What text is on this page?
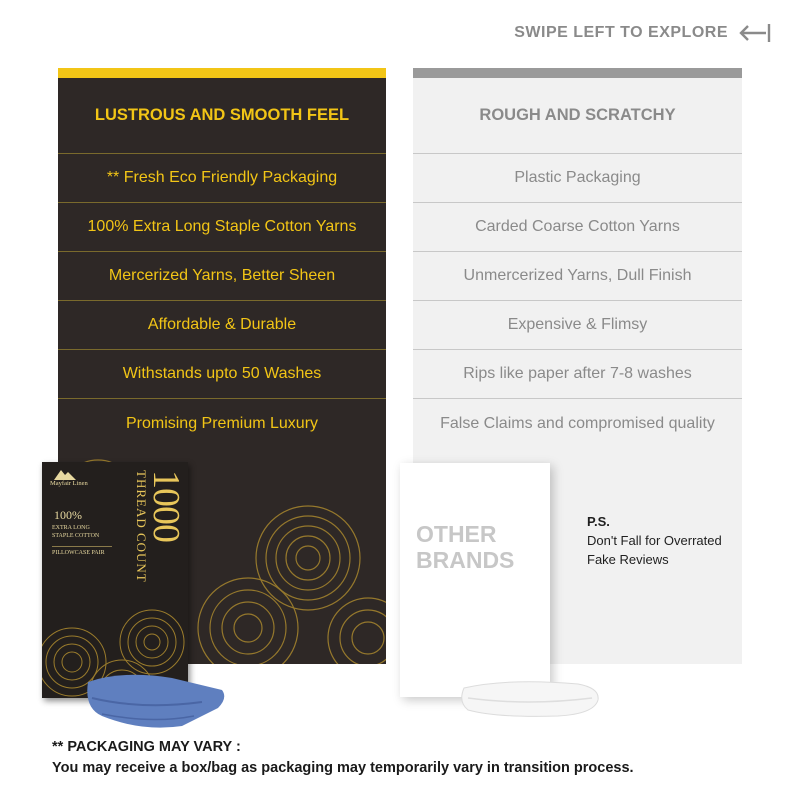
SWIPE LEFT TO EXPLORE
LUSTROUS AND SMOOTH FEEL
** Fresh Eco Friendly Packaging
100% Extra Long Staple Cotton Yarns
Mercerized Yarns, Better Sheen
Affordable & Durable
Withstands upto 50 Washes
Promising Premium Luxury
ROUGH AND SCRATCHY
Plastic Packaging
Carded Coarse Cotton Yarns
Unmercerized Yarns, Dull Finish
Expensive & Flimsy
Rips like paper after 7-8 washes
False Claims and compromised quality
Mayfair Linen
100%
EXTRA LONG STAPLE COTTON
PILLOWCASE PAIR
1000
THREAD COUNT	OTHER
BRANDS
P.S.
Don't Fall for Overrated Fake Reviews
** PACKAGING MAY VARY :
You may receive a box/bag as packaging may temporarily vary in transition process.
